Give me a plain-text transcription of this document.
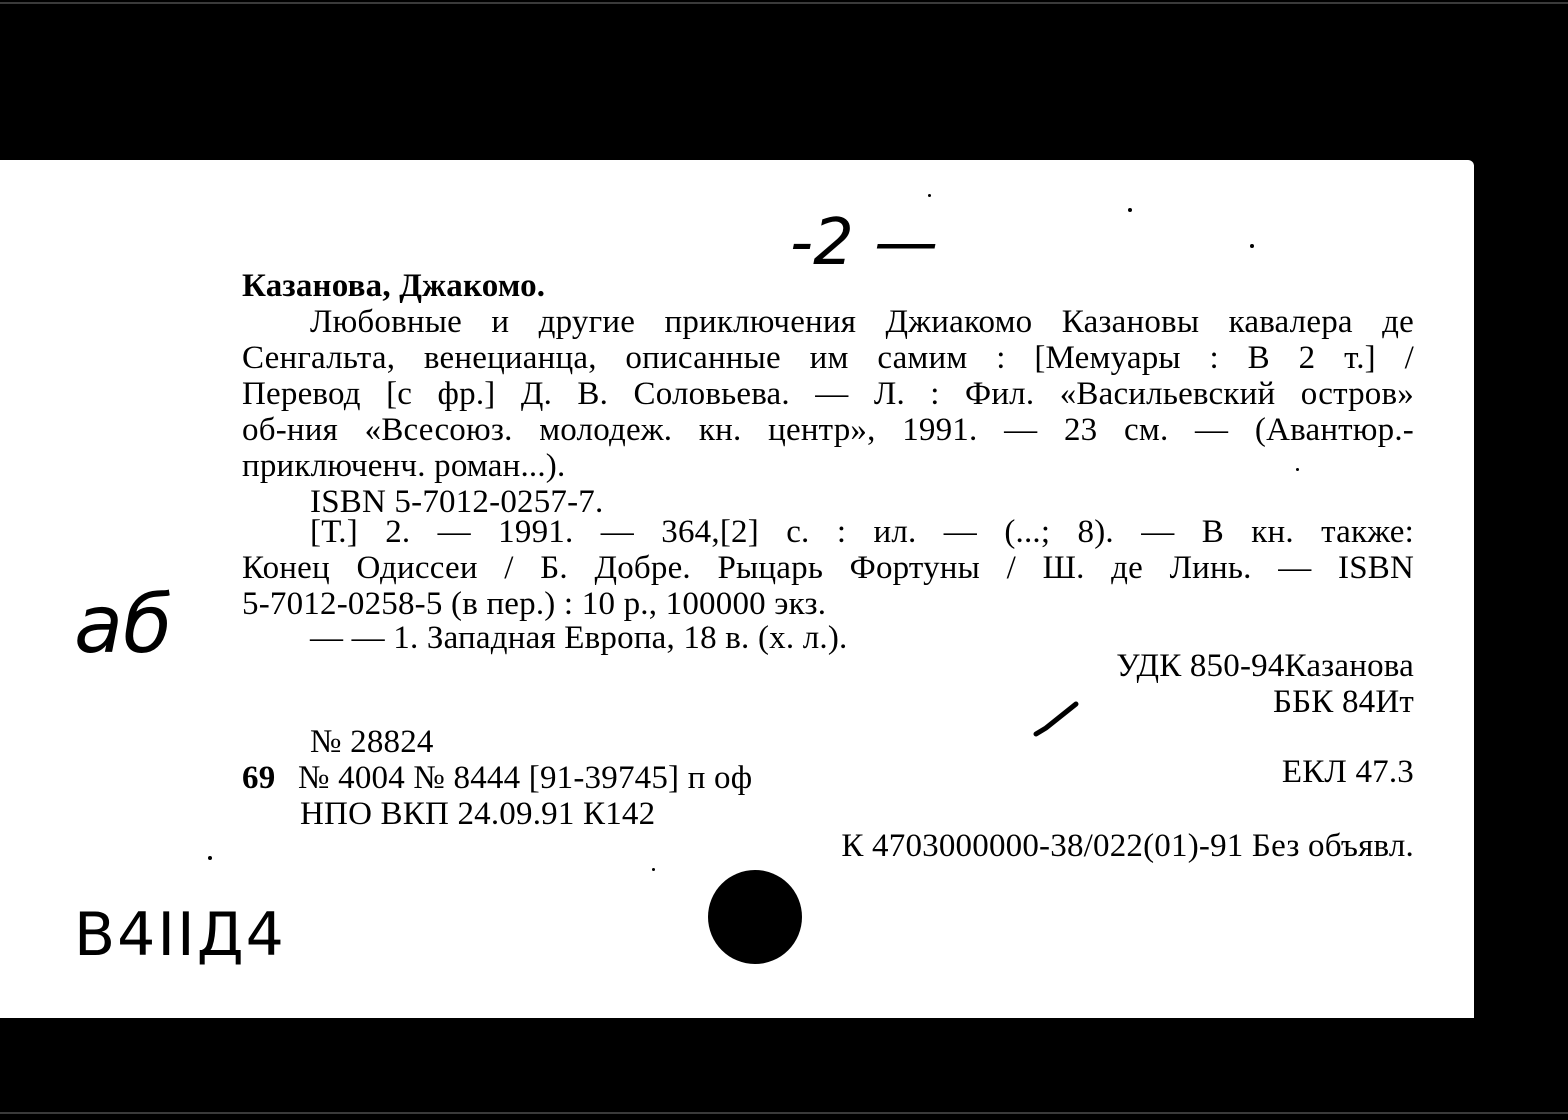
-2 —
Казанова, Джакомо.
Любовные и другие приключения Джиакомо Казановы кавалера де
Сенгальта, венецианца, описанные им самим : [Мемуары : В 2 т.] /
Перевод [с фр.] Д. В. Соловьева. — Л. : Фил. «Васильевский остров»
об-ния «Всесоюз. молодеж. кн. центр», 1991. — 23 см. — (Авантюр.-
приключенч. роман...).
ISBN 5-7012-0257-7.
[Т.] 2. — 1991. — 364,[2] с. : ил. — (...; 8). — В кн. также:
Конец Одиссеи / Б. Добре. Рыцарь Фортуны / Ш. де Линь. — ISBN
5-7012-0258-5 (в пер.) : 10 р., 100000 экз.
— — 1. Западная Европа, 18 в. (х. л.).
УДК 850-94Казанова
ББК 84Ит
№ 28824
69 № 4004 № 8444 [91-39745] п оф	ЕКЛ 47.3
НПО ВКП 24.09.91 К142
К 4703000000-38/022(01)-91 Без объявл.
аб
В4IIД4
